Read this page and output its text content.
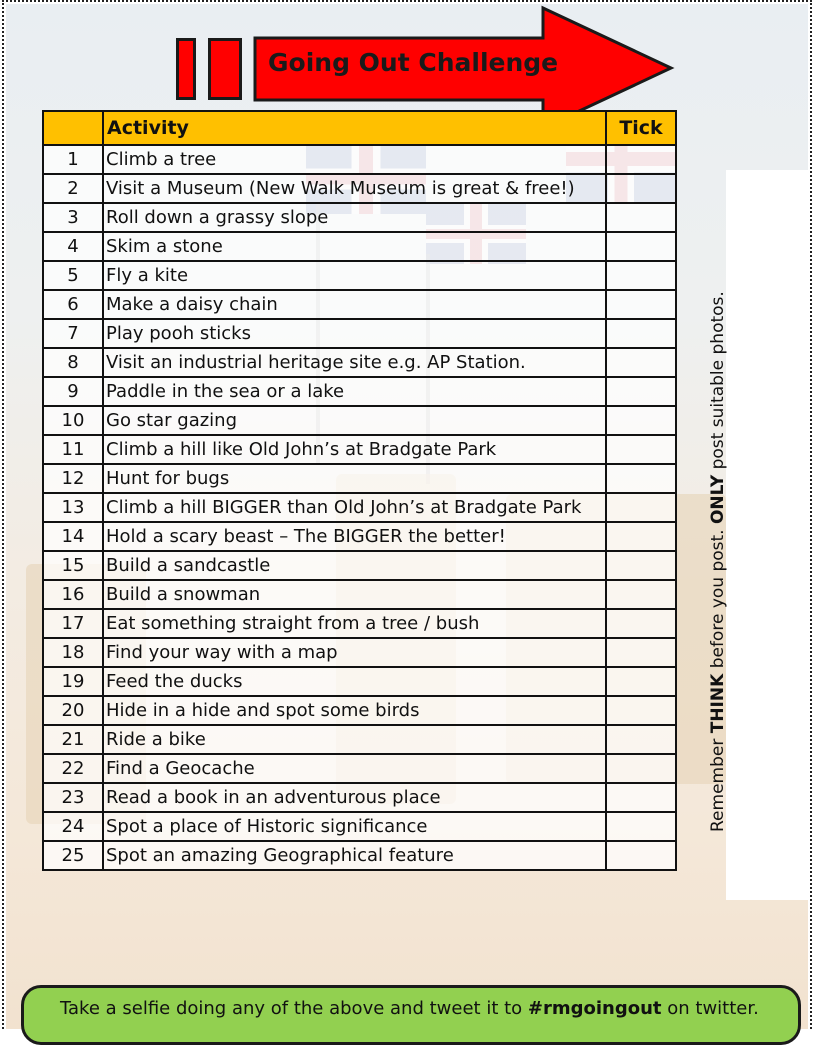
Going Out Challenge
	Activity	Tick
1	Climb a tree	
2	Visit a Museum (New Walk Museum is great & free!)	
3	Roll down a grassy slope	
4	Skim a stone	
5	Fly a kite	
6	Make a daisy chain	
7	Play pooh sticks	
8	Visit an industrial heritage site e.g. AP Station.	
9	Paddle in the sea or a lake	
10	Go star gazing	
11	Climb a hill like Old John’s at Bradgate Park	
12	Hunt for bugs	
13	Climb a hill BIGGER than Old John’s at Bradgate Park	
14	Hold a scary beast – The BIGGER the better!	
15	Build a sandcastle	
16	Build a snowman	
17	Eat something straight from a tree / bush	
18	Find your way with a map	
19	Feed the ducks	
20	Hide in a hide and spot some birds	
21	Ride a bike	
22	Find a Geocache	
23	Read a book in an adventurous place	
24	Spot a place of Historic significance	
25	Spot an amazing Geographical feature	
Remember THINK before you post. ONLY post suitable photos.
Take a selfie doing any of the above and tweet it to #rmgoingout on twitter.
